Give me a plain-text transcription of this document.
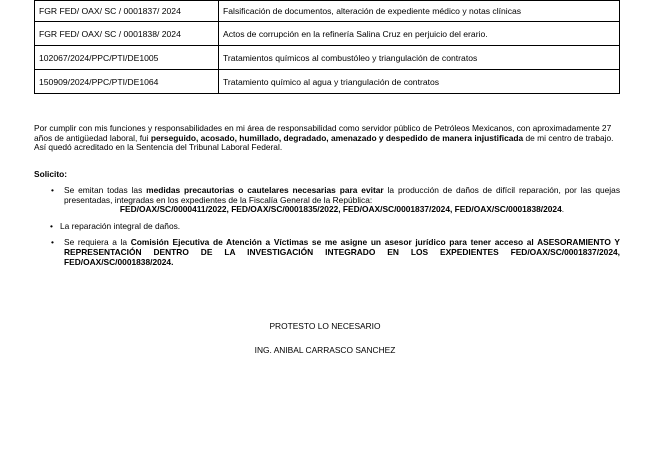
FGR FED/ OAX/ SC / 0001837/ 2024	Falsificación de documentos, alteración de expediente médico y notas clínicas
FGR FED/ OAX/ SC / 0001838/ 2024	Actos de corrupción en la refinería Salina Cruz en perjuicio del erario.
102067/2024/PPC/PTI/DE1005	Tratamientos químicos al combustóleo y triangulación de contratos
150909/2024/PPC/PTI/DE1064	Tratamiento químico al agua y triangulación de contratos

Por cumplir con mis funciones y responsabilidades en mi área de responsabilidad como servidor público de Petróleos Mexicanos, con aproximadamente 27 años de antigüedad laboral, fui perseguido, acosado, humillado, degradado, amenazado y despedido de manera injustificada de mi centro de trabajo. Así quedó acreditado en la Sentencia del Tribunal Laboral Federal.

Solicito:

• Se emitan todas las medidas precautorias o cautelares necesarias para evitar la producción de daños de difícil reparación, por las quejas presentadas, integradas en los expedientes de la Fiscalía General de la República:
FED/OAX/SC/0000411/2022, FED/OAX/SC/0001835/2022, FED/OAX/SC/0001837/2024, FED/OAX/SC/0001838/2024.
• La reparación integral de daños.
• Se requiera a la Comisión Ejecutiva de Atención a Víctimas se me asigne un asesor jurídico para tener acceso al ASESORAMIENTO Y REPRESENTACIÓN DENTRO DE LA INVESTIGACIÓN INTEGRADO EN LOS EXPEDIENTES FED/OAX/SC/0001837/2024, FED/OAX/SC/0001838/2024.
PROTESTO LO NECESARIO
ING. ANIBAL CARRASCO SANCHEZ
